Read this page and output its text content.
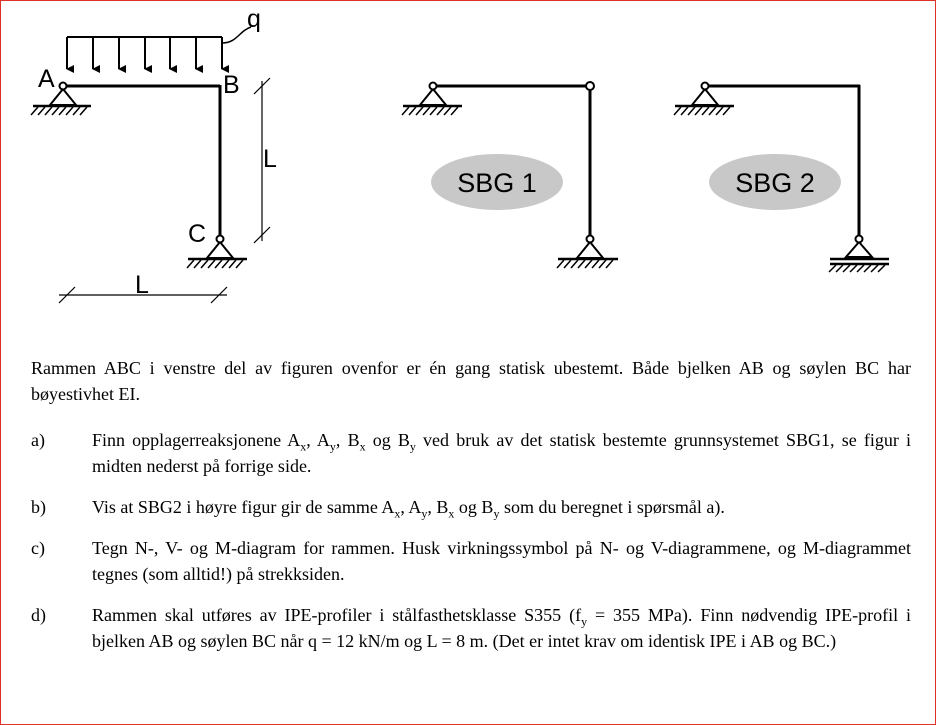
q
A	B
C
L
L
SBG 1	SBG 2

Rammen ABC i venstre del av figuren ovenfor er én gang statisk ubestemt. Både bjelken AB og søylen BC har bøyestivhet EI.

a)	Finn opplagerreaksjonene $A_x$, $A_y$, $B_x$ og $B_y$ ved bruk av det statisk bestemte grunnsystemet SBG1, se figur i midten nederst på forrige side.
b)	Vis at SBG2 i høyre figur gir de samme $A_x$, $A_y$, $B_x$ og $B_y$ som du beregnet i spørsmål a).
c)	Tegn N-, V- og M-diagram for rammen. Husk virkningssymbol på N- og V-diagrammene, og M-diagrammet tegnes (som alltid!) på strekksiden.
d)	Rammen skal utføres av IPE-profiler i stålfasthetsklasse S355 ($f_y = 355$ MPa). Finn nødvendig IPE-profil i bjelken AB og søylen BC når q = 12 kN/m og L = 8 m. (Det er intet krav om identisk IPE i AB og BC.)
